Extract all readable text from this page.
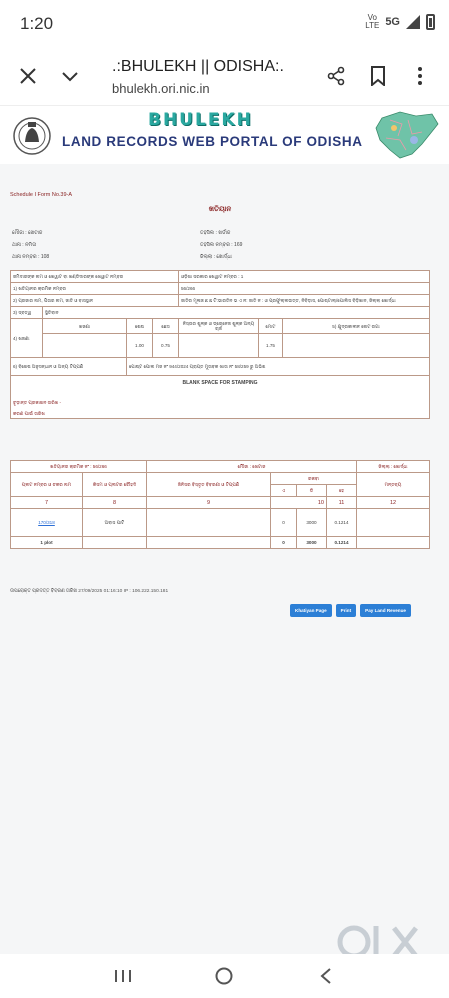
1:20	Vo
LTE 5G
.:BHULEKH || ODISHA:.
bhulekh.ori.nic.in
BHULEKH
LAND RECORDS WEB PORTAL OF ODISHA
Schedule I Form No.39-A
ଖତିୟାନ
ମୌଜା : ଖେଟାଜ	ତହସିଲ : ଖର୍ଡାଜ
ଥାନା : ନମିତା	ତହସିଲ ନମ୍ବର : 169
ଥାନା ନମ୍ବର : 108	ଜିଲ୍ଲା : ଖୋର୍ଦ୍ଧା
ଜମିଦାରଙ୍କ ନାମ ଓ ଖେୱାଟ ବା ଖଣ୍ଡିଦାରଙ୍କ ଖେୱାଟ ନମ୍ବର				ଓଡ଼ିଶା ସରକାର ଖେୱାଟ ନମ୍ବର : 1		
1) ଖତିୟାନର କ୍ରମିକ ନମ୍ବର				56/266		
2) ପ୍ରଜାର ନାମ, ପିତାର ନାମ, ଜାତି ଓ ବାସସ୍ଥାନ				ଜାତିର ମୂଳାଜ ଛ ଛ ଟି:ଭାରତିନ ଭ ଏ ନ: ଜାତି ନ : ଓ ପ୍ରଫୁଲ୍ଲଉତ୍ତ, ନିବିଡ଼ାସ, ପୋଷ୍ଟାଲ୍‌/ପୋଲିସ ବିଡ଼ିଖାନ, ଜିଲ୍ଲା ଖୋର୍ଦ୍ଧା		
3) ସ୍ବତ୍ୱ	ସ୍ଥିତିବାନ					
4) ଖଜଣା	ଖଜଣା	ଶେଷ	ଛେସ	ନିସ୍ତାର ଶୁଳ୍କ ଓ ଡ୍ରେନେଜ ଶୁଳ୍କ ଅନ୍ୟ ଚାର୍ଜ	ମୋଟ	5) କ୍ଷୁଦ୍ରକାଳୀନ ନୋଟ ରଗା
		1.00	0.75		1.75	
6) ବିଶେଷ ଅନୁସନ୍ଧାନ ଓ ଅନ୍ୟ ଟିପ୍ପଣି		ପୋଷ୍ଟ ପୋଲ ମଜ ନଂ 944/2024 ପ୍ରାପ୍ତ ମୁତାବକ ଖାତା ନଂ 58/259 ରୁ ଅଭିଶ				

BLANK SPACE FOR STAMPING
ଚୂଡ଼ାନ୍ତ ପ୍ରକାଶନ ତାରିଖ -
କରଣ ପାଇଁ ତାରିଖ						
ଖତିୟାନର କ୍ରମିକ ନଂ : 56/266		ମୌଜା : ଖେଟାଜ				ଜିଲ୍ଲା : ଖୋର୍ଦ୍ଧା
ପ୍ଲଟ ନମ୍ବର ଓ ଚକର ନାମ	କିସମ ଓ ପ୍ଲଟର ଚୌହଦି	ଜିନିସର ବିସ୍ତୃତ ବିବରଣୀ ଓ ଟିପ୍ପଣି	ରକବା			ମନ୍ତବ୍ୟ
			ଏ	ଡି	ହେ	
7	8	9	10		11	12
170/318	ଅବାସ ପାଟି		0	3000	0.1214	
1 plot			0	3000	0.1214	
ଉପରୋକ୍ତ ପ୍ରଦତ୍ତ ବିବରଣ ତାରିଖ 27/09/2025 01:16:10 IP : 106.222.150.181
Khatiyan Page	Print	Pay Land Revenue
